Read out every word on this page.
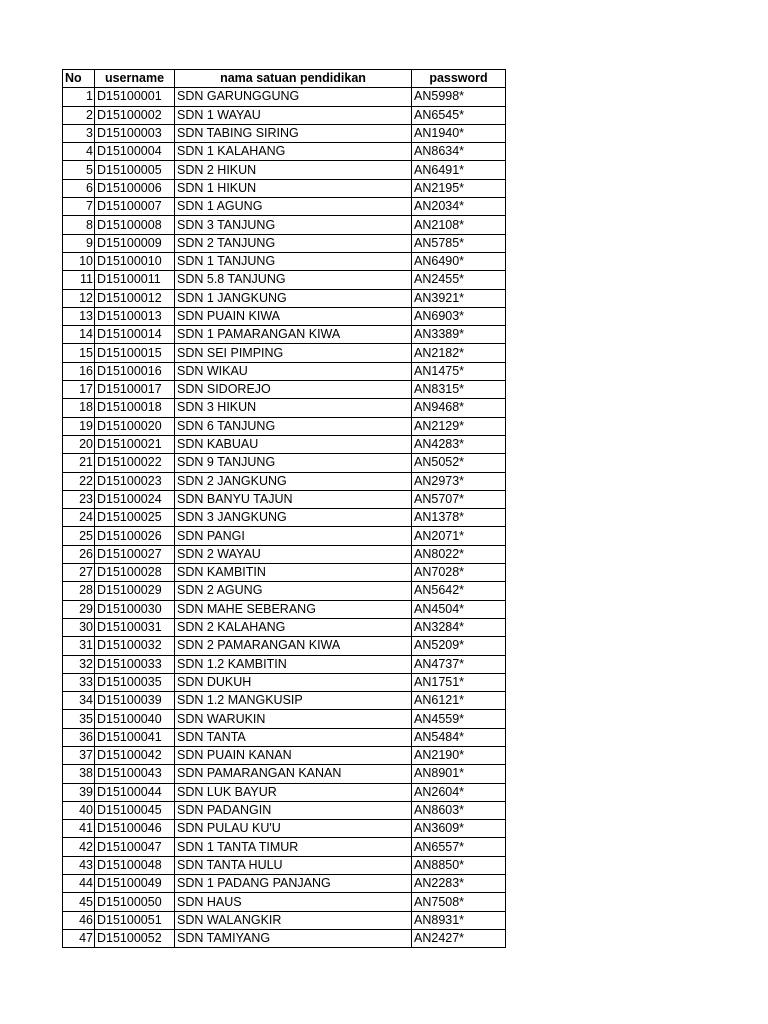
No	username	nama satuan pendidikan	password
1	D15100001	SDN GARUNGGUNG	AN5998*
2	D15100002	SDN 1 WAYAU	AN6545*
3	D15100003	SDN TABING SIRING	AN1940*
4	D15100004	SDN 1 KALAHANG	AN8634*
5	D15100005	SDN 2 HIKUN	AN6491*
6	D15100006	SDN 1 HIKUN	AN2195*
7	D15100007	SDN 1 AGUNG	AN2034*
8	D15100008	SDN 3 TANJUNG	AN2108*
9	D15100009	SDN 2 TANJUNG	AN5785*
10	D15100010	SDN 1 TANJUNG	AN6490*
11	D15100011	SDN 5.8 TANJUNG	AN2455*
12	D15100012	SDN 1 JANGKUNG	AN3921*
13	D15100013	SDN PUAIN KIWA	AN6903*
14	D15100014	SDN 1 PAMARANGAN KIWA	AN3389*
15	D15100015	SDN SEI PIMPING	AN2182*
16	D15100016	SDN WIKAU	AN1475*
17	D15100017	SDN SIDOREJO	AN8315*
18	D15100018	SDN 3 HIKUN	AN9468*
19	D15100020	SDN 6 TANJUNG	AN2129*
20	D15100021	SDN KABUAU	AN4283*
21	D15100022	SDN 9 TANJUNG	AN5052*
22	D15100023	SDN 2 JANGKUNG	AN2973*
23	D15100024	SDN BANYU TAJUN	AN5707*
24	D15100025	SDN 3 JANGKUNG	AN1378*
25	D15100026	SDN PANGI	AN2071*
26	D15100027	SDN 2 WAYAU	AN8022*
27	D15100028	SDN KAMBITIN	AN7028*
28	D15100029	SDN 2 AGUNG	AN5642*
29	D15100030	SDN MAHE SEBERANG	AN4504*
30	D15100031	SDN 2 KALAHANG	AN3284*
31	D15100032	SDN 2 PAMARANGAN KIWA	AN5209*
32	D15100033	SDN 1.2 KAMBITIN	AN4737*
33	D15100035	SDN DUKUH	AN1751*
34	D15100039	SDN 1.2 MANGKUSIP	AN6121*
35	D15100040	SDN WARUKIN	AN4559*
36	D15100041	SDN TANTA	AN5484*
37	D15100042	SDN PUAIN KANAN	AN2190*
38	D15100043	SDN PAMARANGAN KANAN	AN8901*
39	D15100044	SDN LUK BAYUR	AN2604*
40	D15100045	SDN PADANGIN	AN8603*
41	D15100046	SDN PULAU KU'U	AN3609*
42	D15100047	SDN 1 TANTA TIMUR	AN6557*
43	D15100048	SDN TANTA HULU	AN8850*
44	D15100049	SDN 1 PADANG PANJANG	AN2283*
45	D15100050	SDN HAUS	AN7508*
46	D15100051	SDN WALANGKIR	AN8931*
47	D15100052	SDN TAMIYANG	AN2427*
